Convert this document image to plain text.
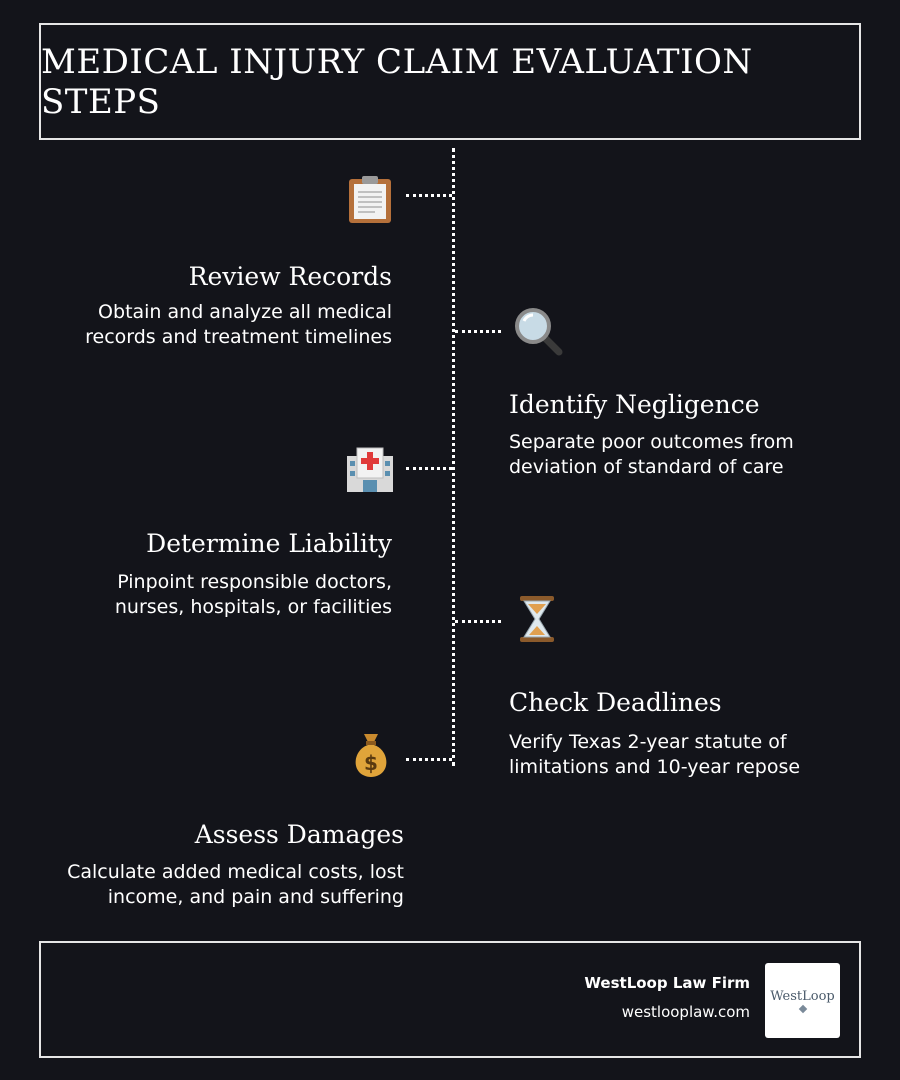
MEDICAL INJURY CLAIM EVALUATION STEPS
Review Records
Obtain and analyze all medical
records and treatment timelines
Identify Negligence
Separate poor outcomes from
deviation of standard of care
Determine Liability
Pinpoint responsible doctors,
nurses, hospitals, or facilities
Check Deadlines
Verify Texas 2-year statute of
limitations and 10-year repose
$
Assess Damages
Calculate added medical costs, lost
income, and pain and suffering
WestLoop Law Firm
westlooplaw.com
WestLoop
